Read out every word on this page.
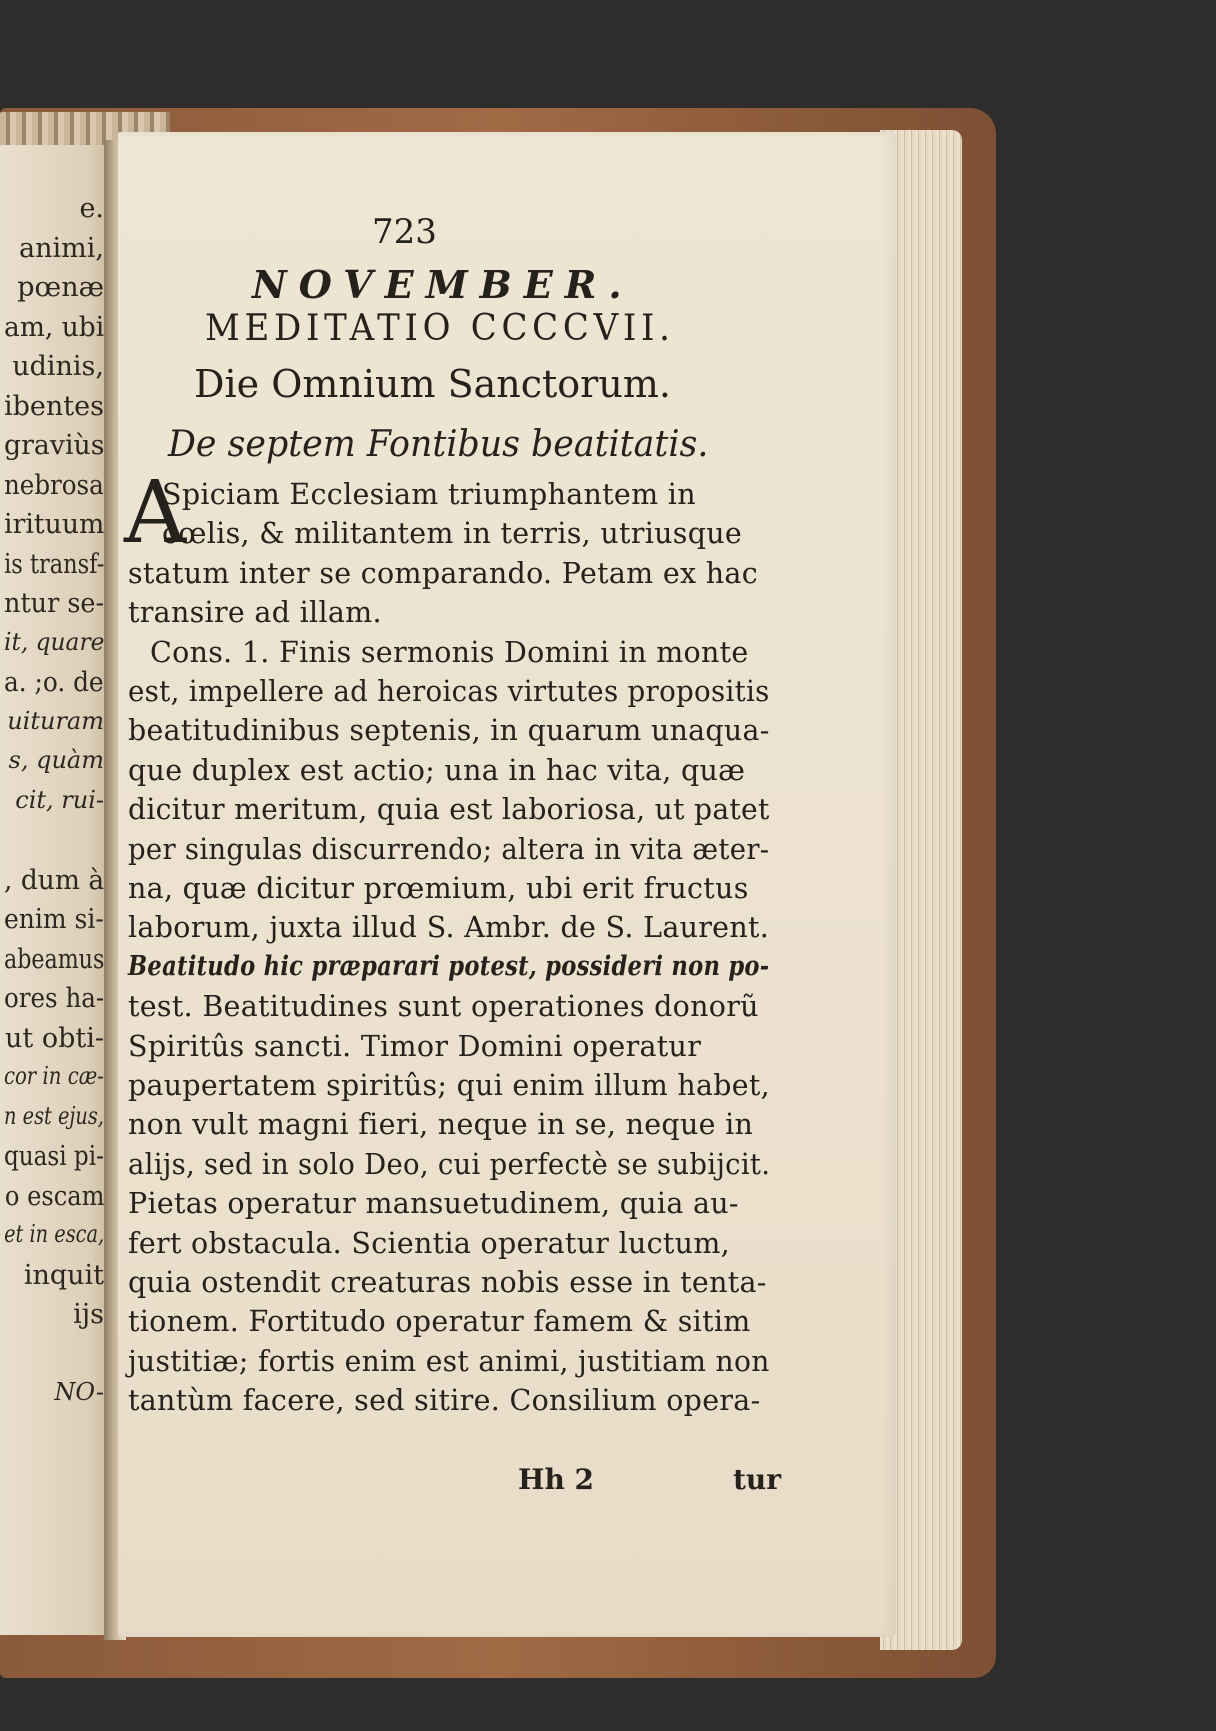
e.
animi,
pœnæ
am, ubi
udinis,
ibentes
graviùs
nebrosa
irituum
is transf-
ntur se-
it, quare
a. ;o. de
uituram
s, quàm
cit, rui-
, dum à
enim si-
abeamus
ores ha-
ut obti-
cor in cæ-
n est ejus,
quasi pi-
o escam
et in esca,
inquit
ijs
NO-
723
NOVEMBER.
MEDITATIO CCCCVII.
Die Omnium Sanctorum.
De septem Fontibus beatitatis.
A
Spiciam Ecclesiam triumphantem in
cœlis, & militantem in terris, utriusque
statum inter se comparando. Petam ex hac
transire ad illam.
Cons. 1. Finis sermonis Domini in monte
est, impellere ad heroicas virtutes propositis
beatitudinibus septenis, in quarum unaqua-
que duplex est actio; una in hac vita, quæ
dicitur meritum, quia est laboriosa, ut patet
per singulas discurrendo; altera in vita æter-
na, quæ dicitur prœmium, ubi erit fructus
laborum, juxta illud S. Ambr. de S. Laurent.
Beatitudo hic præparari potest, possideri non po-
test. Beatitudines sunt operationes donorũ
Spiritûs sancti. Timor Domini operatur
paupertatem spiritûs; qui enim illum habet,
non vult magni fieri, neque in se, neque in
alijs, sed in solo Deo, cui perfectè se subijcit.
Pietas operatur mansuetudinem, quia au-
fert obstacula. Scientia operatur luctum,
quia ostendit creaturas nobis esse in tenta-
tionem. Fortitudo operatur famem & sitim
justitiæ; fortis enim est animi, justitiam non
tantùm facere, sed sitire. Consilium opera-
Hh 2	tur
